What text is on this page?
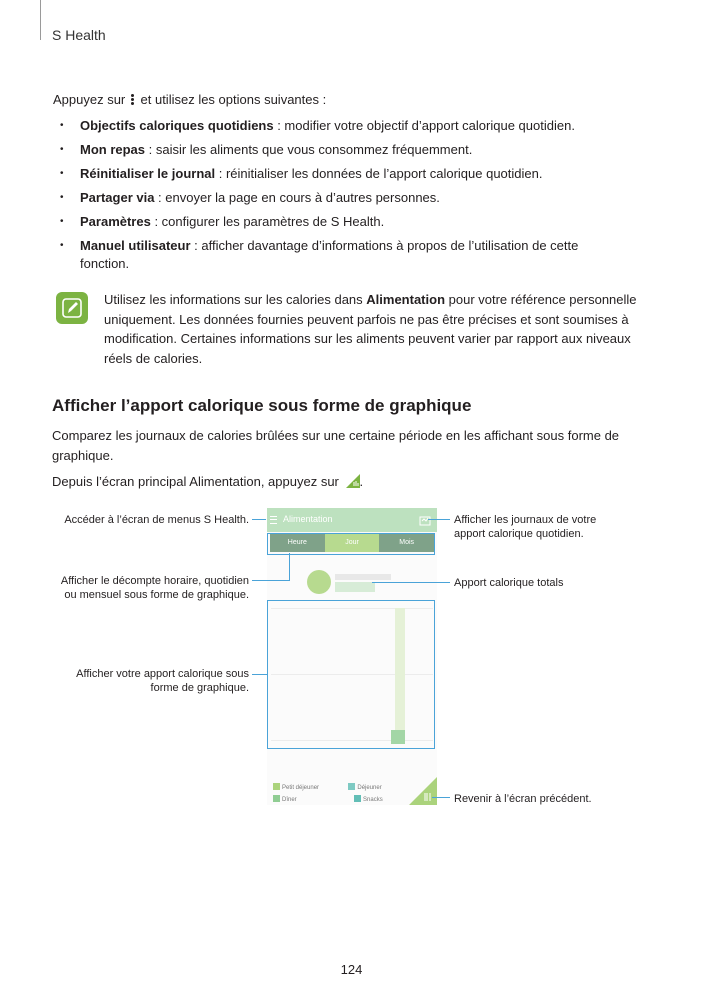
S Health
Appuyez sur et utilisez les options suivantes :
• Objectifs caloriques quotidiens : modifier votre objectif d’apport calorique quotidien.
• Mon repas : saisir les aliments que vous consommez fréquemment.
• Réinitialiser le journal : réinitialiser les données de l’apport calorique quotidien.
• Partager via : envoyer la page en cours à d’autres personnes.
• Paramètres : configurer les paramètres de S Health.
• Manuel utilisateur : afficher davantage d’informations à propos de l’utilisation de cette fonction.
Utilisez les informations sur les calories dans Alimentation pour votre référence personnelle uniquement. Les données fournies peuvent parfois ne pas être précises et sont soumises à modification. Certaines informations sur les aliments peuvent varier par rapport aux niveaux réels de calories.
Afficher l’apport calorique sous forme de graphique
Comparez les journaux de calories brûlées sur une certaine période en les affichant sous forme de graphique.
Depuis l’écran principal Alimentation, appuyez sur .
Alimentation
Heure	Jour	Mois
Petit déjeuner	Déjeuner
Dîner	Snacks
Accéder à l’écran de menus S Health.
Afficher le décompte horaire, quotidien ou mensuel sous forme de graphique.
Afficher votre apport calorique sous forme de graphique.
Afficher les journaux de votre apport calorique quotidien.
Apport calorique totals
Revenir à l’écran précédent.
124
